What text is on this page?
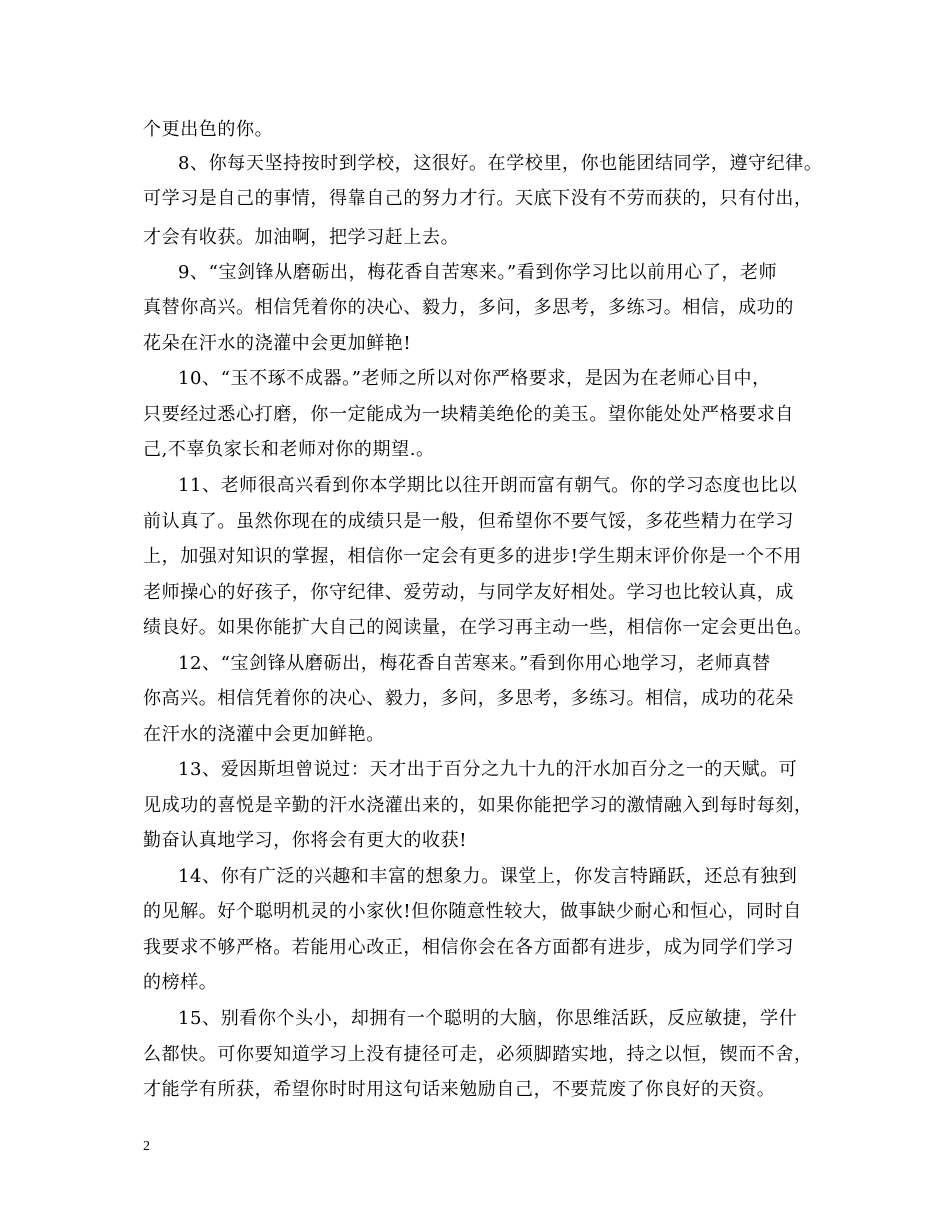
个更出色的你。
8、你每天坚持按时到学校，这很好。在学校里，你也能团结同学，遵守纪律。
可学习是自己的事情，得靠自己的努力才行。天底下没有不劳而获的，只有付出，
才会有收获。加油啊，把学习赶上去。
9、“宝剑锋从磨砺出，梅花香自苦寒来。”看到你学习比以前用心了，老师
真替你高兴。相信凭着你的决心、毅力，多问，多思考，多练习。相信，成功的
花朵在汗水的浇灌中会更加鲜艳!
10、“玉不琢不成器。”老师之所以对你严格要求，是因为在老师心目中，
只要经过悉心打磨，你一定能成为一块精美绝伦的美玉。望你能处处严格要求自
己,不辜负家长和老师对你的期望.。
11、老师很高兴看到你本学期比以往开朗而富有朝气。你的学习态度也比以
前认真了。虽然你现在的成绩只是一般，但希望你不要气馁，多花些精力在学习
上，加强对知识的掌握，相信你一定会有更多的进步!学生期末评价你是一个不用
老师操心的好孩子，你守纪律、爱劳动，与同学友好相处。学习也比较认真，成
绩良好。如果你能扩大自己的阅读量，在学习再主动一些，相信你一定会更出色。
12、“宝剑锋从磨砺出，梅花香自苦寒来。”看到你用心地学习，老师真替
你高兴。相信凭着你的决心、毅力，多问，多思考，多练习。相信，成功的花朵
在汗水的浇灌中会更加鲜艳。
13、爱因斯坦曾说过：天才出于百分之九十九的汗水加百分之一的天赋。可
见成功的喜悦是辛勤的汗水浇灌出来的，如果你能把学习的激情融入到每时每刻，
勤奋认真地学习，你将会有更大的收获!
14、你有广泛的兴趣和丰富的想象力。课堂上，你发言特踊跃，还总有独到
的见解。好个聪明机灵的小家伙!但你随意性较大，做事缺少耐心和恒心，同时自
我要求不够严格。若能用心改正，相信你会在各方面都有进步，成为同学们学习
的榜样。
15、别看你个头小，却拥有一个聪明的大脑，你思维活跃，反应敏捷，学什
么都快。可你要知道学习上没有捷径可走，必须脚踏实地，持之以恒，锲而不舍，
才能学有所获，希望你时时用这句话来勉励自己，不要荒废了你良好的天资。
2
